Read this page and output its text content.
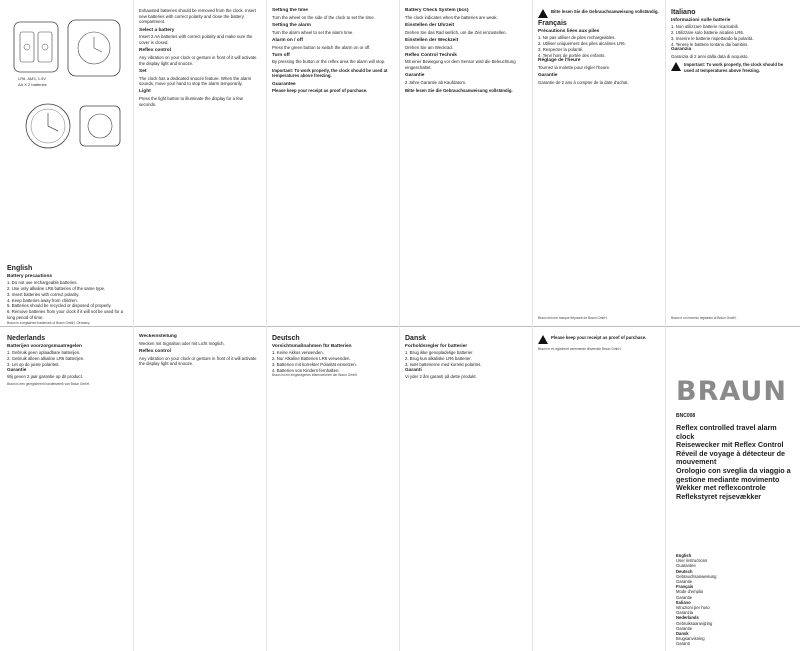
LR6, AM3, 1.5V
AA X 2 batteries
English
Battery precautions
1. Do not use rechargeable batteries.
2. Use only alkaline LR6 batteries of the same type.
3. Insert batteries with correct polarity.
4. Keep batteries away from children.
5. Batteries should be recycled or disposed of properly.
6. Remove batteries from your clock if it will not be used for a long period of time.

Exhausted batteries should be removed from the clock. Insert new batteries with correct polarity and close the battery compartment.

Select a battery

Insert 2 AA batteries with correct polarity and make sure the cover is closed.

Reflex control

Any vibration on your clock or gesture in front of it will activate the display light and snooze.

Set

The clock has a dedicated snooze feature. When the alarm sounds, move your hand to stop the alarm temporarily.

Light

Press the light button to illuminate the display for a few seconds.

Setting the time

Turn the wheel on the side of the clock to set the time.

Setting the alarm

Turn the alarm wheel to set the alarm time.

Alarm on / off

Press the green button to switch the alarm on or off.

Turn off

By pressing the button or the reflex area the alarm will stop.

Important: To work properly, the clock should be used at temperatures above freezing.

Guarantee

Please keep your receipt as proof of purchase.

Battery Check System (bcs)

The clock indicates when the batteries are weak.

Einstellen der Uhrzeit

Drehen Sie das Rad seitlich, um die Zeit einzustellen.

Einstellen der Weckzeit

Drehen Sie am Weckrad.

Reflex Control Technik

Mit einer Bewegung vor dem Sensor wird die Beleuchtung eingeschaltet.

Garantie

2 Jahre Garantie ab Kaufdatum.

Bitte lesen Sie die Gebrauchsanweisung vollständig.

Bitte lesen Sie die Gebrauchsanweisung vollständig.
Français
Précautions liées aux piles
1. Ne pas utiliser de piles rechargeables.
2. Utiliser uniquement des piles alcalines LR6.
3. Respecter la polarité.
4. Tenir hors de portée des enfants.
Réglage de l'heure

Tournez la molette pour régler l'heure.

Garantie

Garantie de 2 ans à compter de la date d'achat.

Italiano
Informazioni sulle batterie
1. Non utilizzare batterie ricaricabili.
2. Utilizzare solo batterie alcaline LR6.
3. Inserire le batterie rispettando la polarità.
4. Tenere le batterie lontano dai bambini.
Garanzia

Garanzia di 2 anni dalla data di acquisto.

Important: To work properly, the clock should be used at temperatures above freezing.
Nederlands
Batterijen voorzorgsmaatregelen
1. Gebruik geen oplaadbare batterijen.
2. Gebruik alleen alkaline LR6 batterijen.
3. Let op de juiste polariteit.
Garantie

Wij geven 2 jaar garantie op dit product.

Braun is een geregistreerd handelsmerk van Braun GmbH.

Weckeinstellung

Wecken mit Signalton oder mit Licht möglich.

Reflex control

Any vibration on your clock or gesture in front of it will activate the display light and snooze.

Deutsch
Vorsichtsmaßnahmen für Batterien
1. Keine Akkus verwenden.
2. Nur Alkaline Batterien LR6 verwenden.
3. Batterien mit korrekter Polarität einsetzen.
4. Batterien von Kindern fernhalten.

Braun ist ein eingetragenes Warenzeichen der Braun GmbH.

Dansk
Forholdsregler for batterier
1. Brug ikke genopladelige batterier.
2. Brug kun alkaliske LR6 batterier.
3. Isæt batterierne med korrekt polaritet.
Garanti

Vi yder 2 års garanti på dette produkt.

Please keep your receipt as proof of purchase.

Braun er et registreret varemærke tilhørende Braun GmbH.

BRAUN
BNC008
Reflex controlled travel alarm clock
Reisewecker mit Reflex Control
Réveil de voyage à détecteur de mouvement
Orologio con sveglia da viaggio a gestione mediante movimento
Wekker met reflexcontrole
Reflekstyret rejsevækker
English
User instructions
Guarantee
Deutsch
Gebrauchsanweisung
Garantie
Français
Mode d'emploi
Garantie
Italiano
Istruzioni per l'uso
Garanzia
Nederlands
Gebruiksaanwijzing
Garantie
Dansk
Brugsanvisning
Garanti
Braun is a registered trademark of Braun GmbH, Germany.
Braun est une marque déposée de Braun GmbH.	Braun è un marchio registrato di Braun GmbH.
